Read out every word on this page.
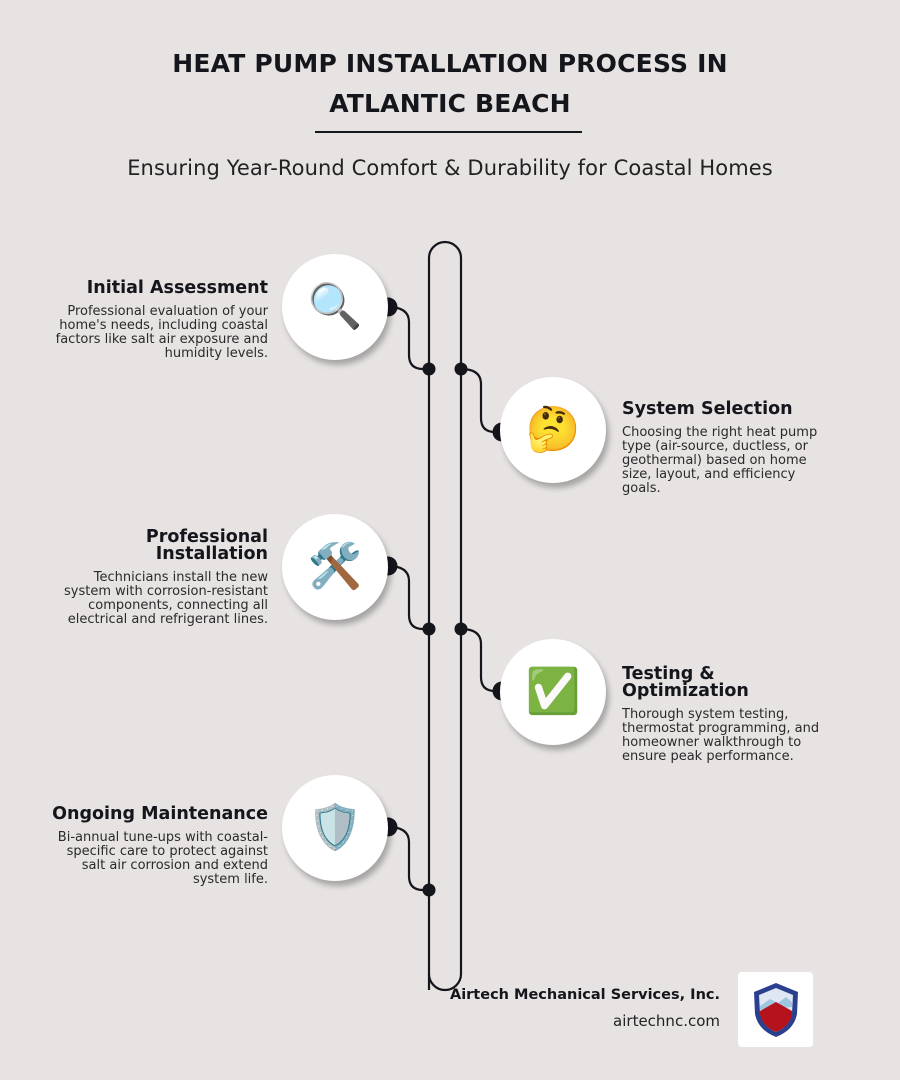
HEAT PUMP INSTALLATION PROCESS IN
ATLANTIC BEACH
Ensuring Year-Round Comfort & Durability for Coastal Homes
🔍
Initial Assessment
Professional evaluation of your home's needs, including coastal factors like salt air exposure and humidity levels.
🤔 System Selection
Choosing the right heat pump type (air-source, ductless, or geothermal) based on home size, layout, and efficiency goals.
🛠️
Professional Installation
Technicians install the new system with corrosion-resistant components, connecting all electrical and refrigerant lines.
✅ Testing & Optimization
Thorough system testing, thermostat programming, and homeowner walkthrough to ensure peak performance.
🛡️
Ongoing Maintenance
Bi-annual tune-ups with coastal-specific care to protect against salt air corrosion and extend system life.
Airtech Mechanical Services, Inc.
airtechnc.com
